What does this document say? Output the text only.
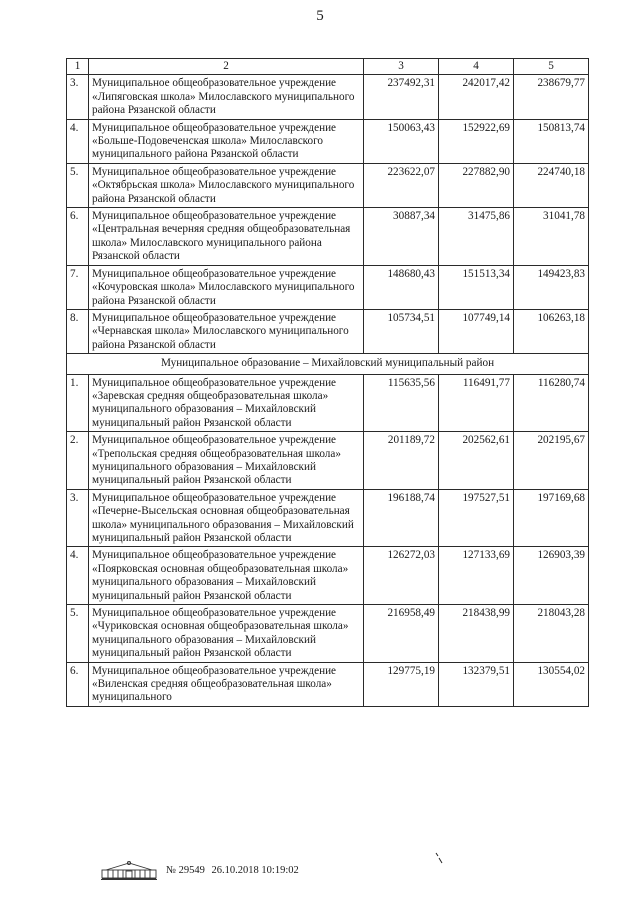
5
1	2	3	4	5
3.	Муниципальное общеобразовательное учреждение «Липяговская школа» Милославского муниципального района Рязанской области	237492,31	242017,42	238679,77
4.	Муниципальное общеобразовательное учреждение «Больше-Подовеченская школа» Милославского муниципального района Рязанской области	150063,43	152922,69	150813,74
5.	Муниципальное общеобразовательное учреждение «Октябрьская школа» Милославского муниципального района Рязанской области	223622,07	227882,90	224740,18
6.	Муниципальное общеобразовательное учреждение «Центральная вечерняя средняя общеобразовательная школа» Милославского муниципального района Рязанской области	30887,34	31475,86	31041,78
7.	Муниципальное общеобразовательное учреждение «Кочуровская школа» Милославского муниципального района Рязанской области	148680,43	151513,34	149423,83
8.	Муниципальное общеобразовательное учреждение «Чернавская школа» Милославского муниципального района Рязанской области	105734,51	107749,14	106263,18
Муниципальное образование – Михайловский муниципальный район				
1.	Муниципальное общеобразовательное учреждение «Заревская средняя общеобразовательная школа» муниципального образования – Михайловский муниципальный район Рязанской области	115635,56	116491,77	116280,74
2.	Муниципальное общеобразовательное учреждение «Трепольская средняя общеобразовательная школа» муниципального образования – Михайловский муниципальный район Рязанской области	201189,72	202562,61	202195,67
3.	Муниципальное общеобразовательное учреждение «Печерне-Высельская основная общеобразовательная школа» муниципального образования – Михайловский муниципальный район Рязанской области	196188,74	197527,51	197169,68
4.	Муниципальное общеобразовательное учреждение «Поярковская основная общеобразовательная школа» муниципального образования – Михайловский муниципальный район Рязанской области	126272,03	127133,69	126903,39
5.	Муниципальное общеобразовательное учреждение «Чуриковская основная общеобразовательная школа» муниципального образования – Михайловский муниципальный район Рязанской области	216958,49	218438,99	218043,28
6.	Муниципальное общеобразовательное учреждение «Виленская средняя общеобразовательная школа» муниципального	129775,19	132379,51	130554,02
№ 29549 26.10.2018 10:19:02
